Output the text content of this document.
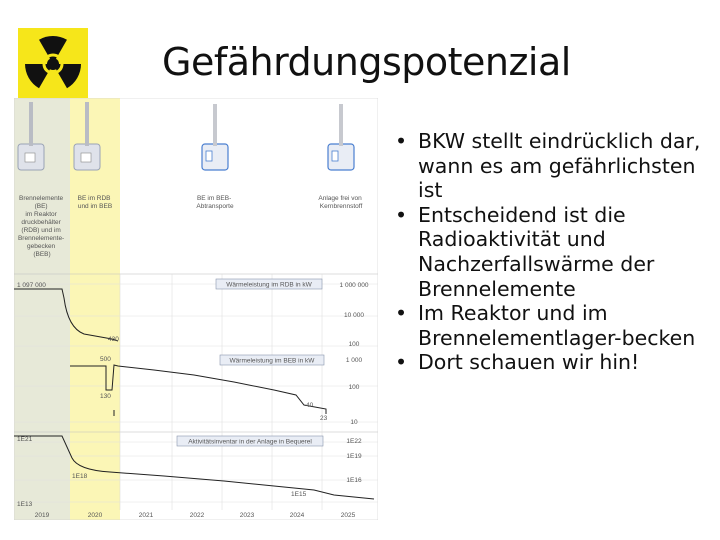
Gefährdungspotenzial
Brennelemente (BE) im Reaktor druckbehälter (RDB) und im Brennelemente- gebecken (BEB)
BE im RDB und im BEB
BE im BEB- Abtransporte
Anlage frei von Kernbrennstoff
Wärmeleistung im RDB in kW
Wärmeleistung im BEB in kW
Aktivitätsinventar in der Anlage in Bequerel
1 097 000
1E21
1E13
1 000 000
10 000
100
1 000
100
10
1E22
1E19
1E16
430
500
130
40
23
1E18
1E15
2019	2020	2021	2022	2023	2024	2025
• BKW stellt eindrücklich dar, wann es am gefährlichsten ist
• Entscheidend ist die Radioaktivität und Nachzerfallswärme der Brennelemente
• Im Reaktor und im Brennelementlager-becken
• Dort schauen wir hin!
